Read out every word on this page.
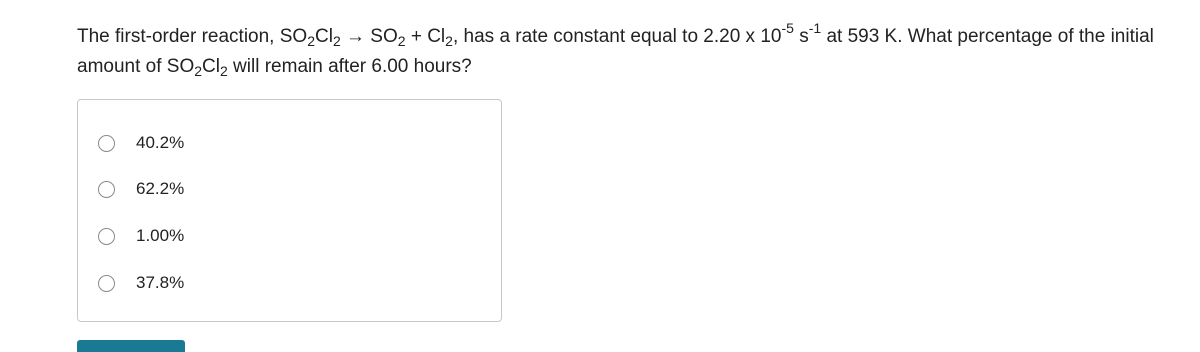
The first-order reaction, $SO_2Cl_2 \to SO_2 + Cl_2$, has a rate constant equal to 2.20 x $10^{-5}$ $s^{-1}$ at 593 K. What percentage of the initial amount of $SO_2Cl_2$ will remain after 6.00 hours?
40.2%
62.2%
1.00%
37.8%
